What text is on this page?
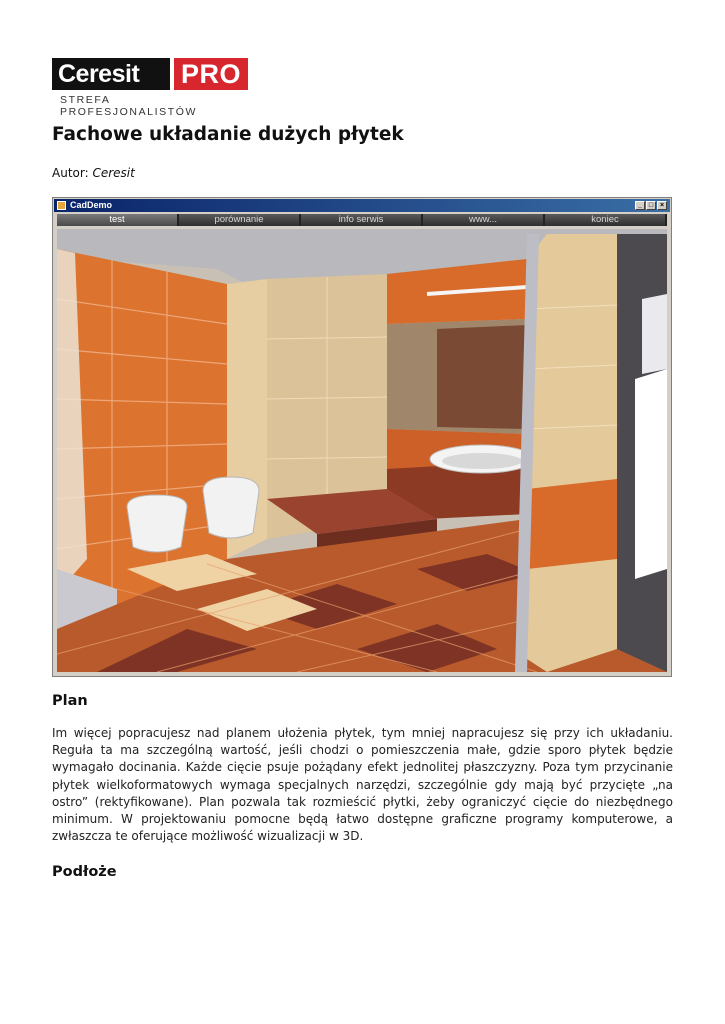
Ceresit	PRO
STREFA PROFESJONALISTÓW
Fachowe układanie dużych płytek
Autor: Ceresit
CadDemo	_ □ ×
test	porównanie	info serwis	www...	koniec
Plan

Im więcej popracujesz nad planem ułożenia płytek, tym mniej napracujesz się przy ich układaniu. Reguła ta ma szczególną wartość, jeśli chodzi o pomieszczenia małe, gdzie sporo płytek będzie wymagało docinania. Każde cięcie psuje pożądany efekt jednolitej płaszczyzny. Poza tym przycinanie płytek wielkoformatowych wymaga specjalnych narzędzi, szczególnie gdy mają być przycięte „na ostro” (rektyfikowane). Plan pozwala tak rozmieścić płytki, żeby ograniczyć cięcie do niezbędnego minimum. W projektowaniu pomocne będą łatwo dostępne graficzne programy komputerowe, a zwłaszcza te oferujące możliwość wizualizacji w 3D.

Podłoże
